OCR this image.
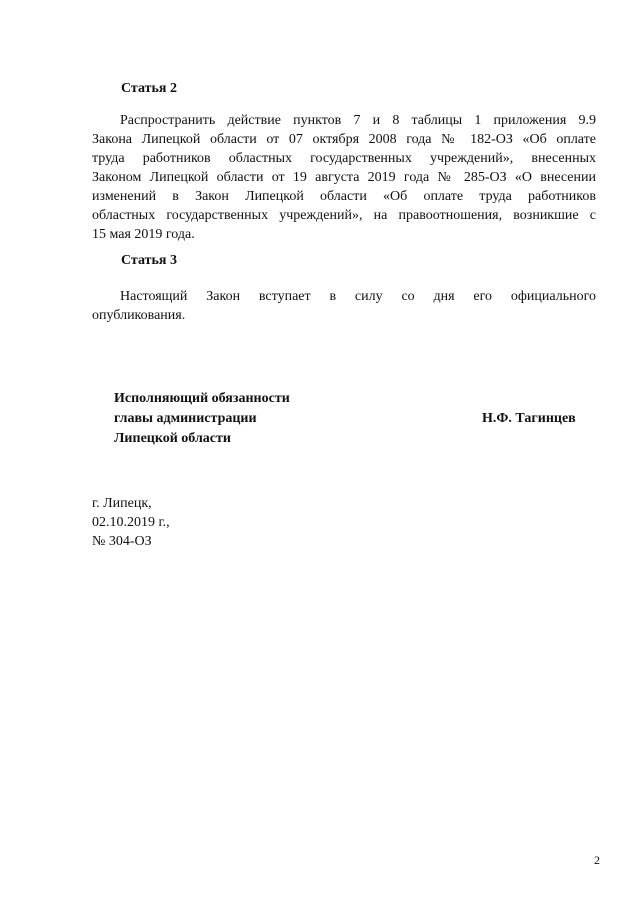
Статья 2
Распространить действие пунктов 7 и 8 таблицы 1 приложения 9.9
Закона Липецкой области от 07 октября 2008 года № 182-ОЗ «Об оплате
труда работников областных государственных учреждений», внесенных
Законом Липецкой области от 19 августа 2019 года № 285-ОЗ «О внесении
изменений в Закон Липецкой области «Об оплате труда работников
областных государственных учреждений», на правоотношения, возникшие с
15 мая 2019 года.
Статья 3
Настоящий Закон вступает в силу со дня его официального
опубликования.
Исполняющий обязанности
главы администрации
Липецкой области
Н.Ф. Тагинцев
г. Липецк,
02.10.2019 г.,
№ 304-ОЗ
2
